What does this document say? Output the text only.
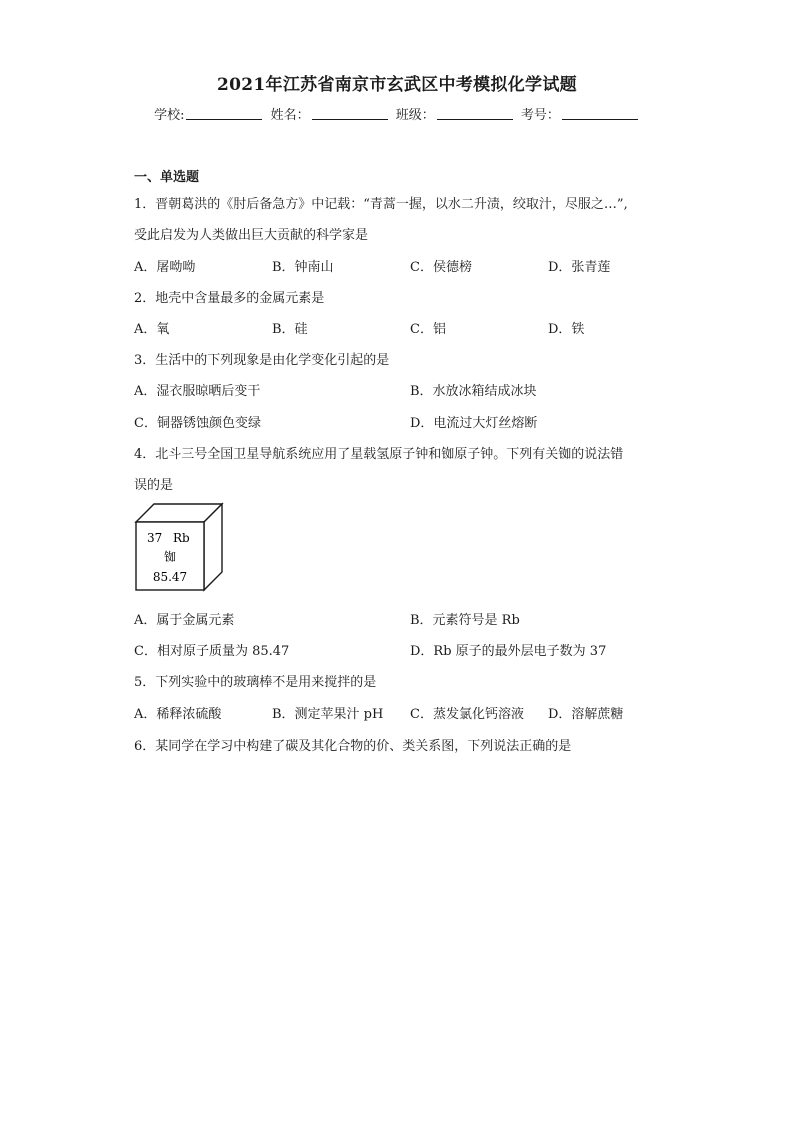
2021年江苏省南京市玄武区中考模拟化学试题
学校:	姓名：	班级：	考号：
一、单选题
1．晋朝葛洪的《肘后备急方》中记载：“青蒿一握，以水二升渍，绞取汁，尽服之…”,
受此启发为人类做出巨大贡献的科学家是
A．屠呦呦	B．钟南山	C．侯德榜	D．张青莲
2．地壳中含量最多的金属元素是
A．氧	B．硅	C．铝	D．铁
3．生活中的下列现象是由化学变化引起的是
A．湿衣服晾晒后变干	B．水放冰箱结成冰块
C．铜器锈蚀颜色变绿	D．电流过大灯丝熔断
4．北斗三号全国卫星导航系统应用了星载氢原子钟和铷原子钟。下列有关铷的说法错
误的是
37 Rb
铷
85.47
A．属于金属元素	B．元素符号是 Rb
C．相对原子质量为 85.47	D．Rb 原子的最外层电子数为 37
5．下列实验中的玻璃棒不是用来搅拌的是
A．稀释浓硫酸	B．测定苹果汁 pH C．蒸发氯化钙溶液 D．溶解蔗糖
6．某同学在学习中构建了碳及其化合物的价、类关系图，下列说法正确的是
